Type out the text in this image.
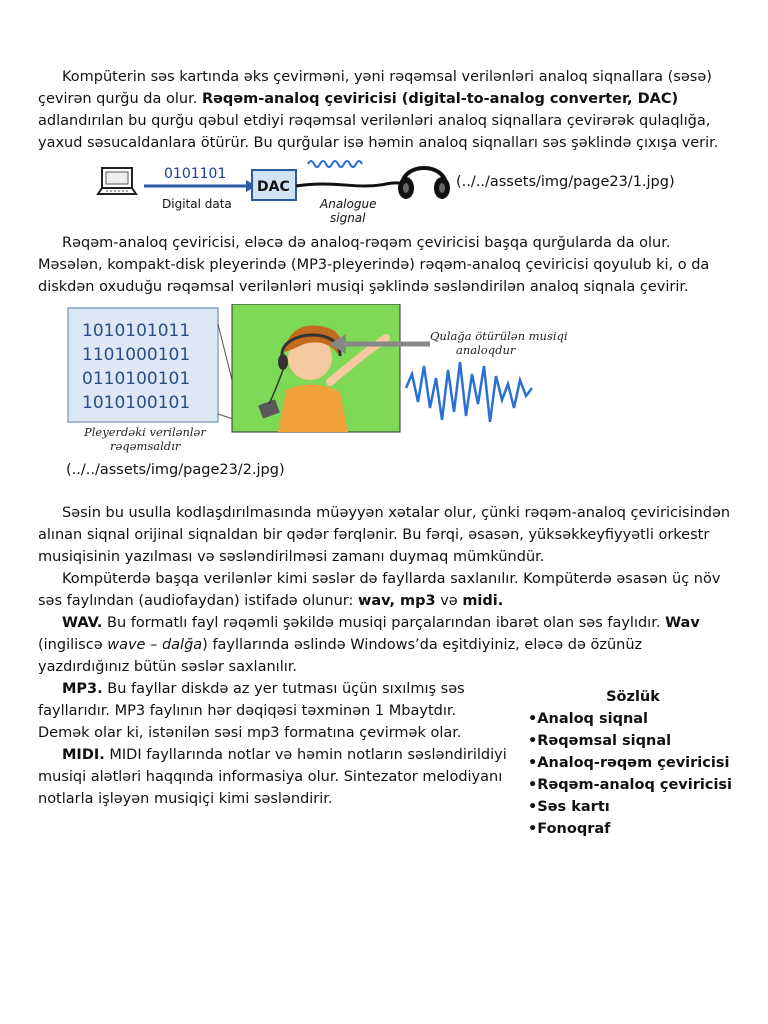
Kompüterin səs kartında əks çevirməni, yəni rəqəmsal verilənləri analoq siqnallara (səsə) çevirən qurğu da olur. Rəqəm-analoq çeviricisi (digital-to-analog converter, DAC) adlandırılan bu qurğu qəbul etdiyi rəqəmsal verilənləri analoq siqnallara çevirərək qulaqlığa, yaxud səsucaldanlara ötürür. Bu qurğular isə həmin analoq siqnalları səs şəklində çıxışa verir.

0101101
Digital data
DAC
Analogue
signal
(../../assets/img/page23/1.jpg)

Rəqəm-analoq çeviricisi, eləcə də analoq-rəqəm çeviricisi başqa qurğularda da olur. Məsələn, kompakt-disk pleyerində (MP3-pleyerində) rəqəm-analoq çeviricisi qoyulub ki, o da diskdən oxuduğu rəqəmsal verilənləri musiqi şəklində səsləndirilən analoq siqnala çevirir.

1010101011
1101000101
0110100101
1010100101
Pleyerdəki verilənlər
rəqəmsaldır
Qulağa ötürülən musiqi
analoqdur
(../../assets/img/page23/2.jpg)

Səsin bu usulla kodlaşdırılmasında müəyyən xətalar olur, çünki rəqəm-analoq çeviricisindən alınan siqnal orijinal siqnaldan bir qədər fərqlənir. Bu fərqi, əsasən, yüksəkkeyfiyyətli orkestr musiqisinin yazılması və səsləndirilməsi zamanı duymaq mümkündür.

Kompüterdə başqa verilənlər kimi səslər də fayllarda saxlanılır. Kompüterdə əsasən üç növ səs faylından (audiofaydan) istifadə olunur: wav, mp3 və midi.

WAV. Bu formatlı fayl rəqəmli şəkildə musiqi parçalarından ibarət olan səs faylıdır. Wav (ingiliscə wave – dalğa) fayllarında əslində Windows’da eşitdiyiniz, eləcə də özünüz yazdırdığınız bütün səslər saxlanılır.

MP3. Bu fayllar diskdə az yer tutması üçün sıxılmış səs fayllarıdır. MP3 faylının hər dəqiqəsi təxminən 1 Mbaytdır. Demək olar ki, istənilən səsi mp3 formatına çevirmək olar.

MIDI. MIDI fayllarında notlar və həmin notların səsləndirildiyi musiqi alətləri haqqında informasiya olur. Sintezator melodiyanı notlarla işləyən musiqiçi kimi səsləndirir.

Sözlük
• Analoq siqnal
• Rəqəmsal siqnal
• Analoq-rəqəm çeviricisi
• Rəqəm-analoq çeviricisi
• Səs kartı
• Fonoqraf
